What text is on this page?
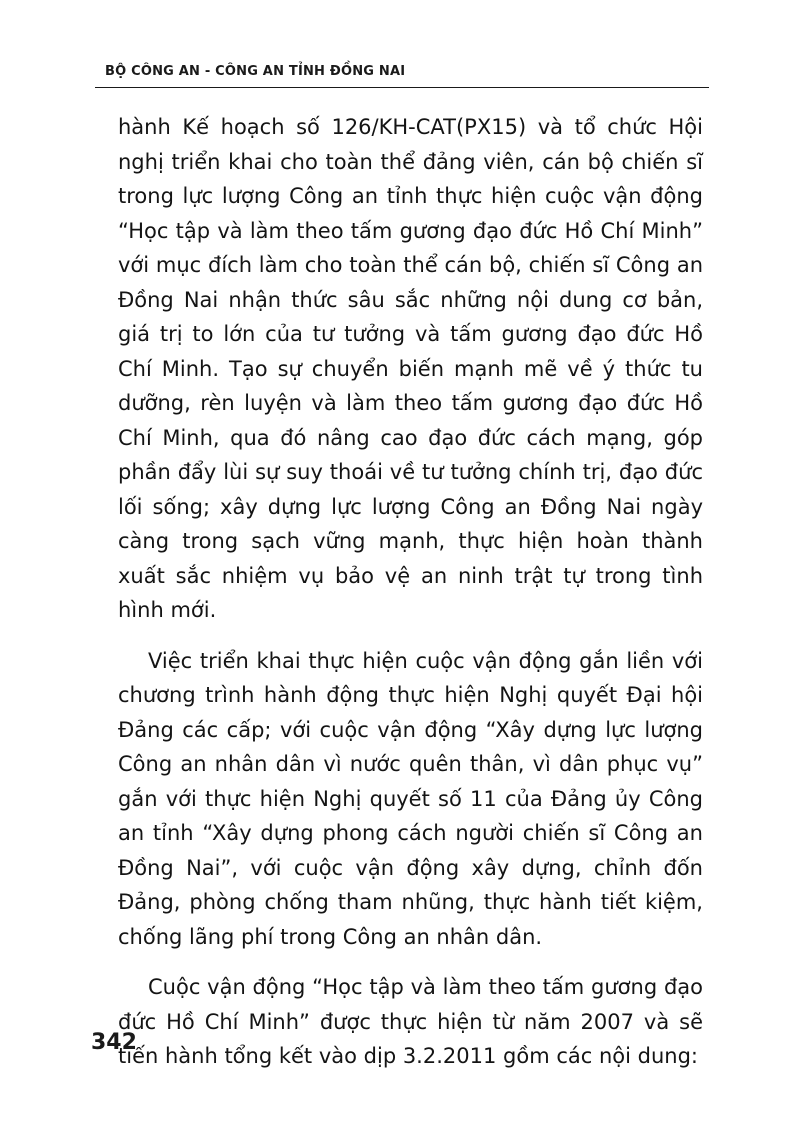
BỘ CÔNG AN - CÔNG AN TỈNH ĐỒNG NAI

hành Kế hoạch số 126/KH-CAT(PX15) và tổ chức Hội nghị triển khai cho toàn thể đảng viên, cán bộ chiến sĩ trong lực lượng Công an tỉnh thực hiện cuộc vận động “Học tập và làm theo tấm gương đạo đức Hồ Chí Minh” với mục đích làm cho toàn thể cán bộ, chiến sĩ Công an Đồng Nai nhận thức sâu sắc những nội dung cơ bản, giá trị to lớn của tư tưởng và tấm gương đạo đức Hồ Chí Minh. Tạo sự chuyển biến mạnh mẽ về ý thức tu dưỡng, rèn luyện và làm theo tấm gương đạo đức Hồ Chí Minh, qua đó nâng cao đạo đức cách mạng, góp phần đẩy lùi sự suy thoái về tư tưởng chính trị, đạo đức lối sống; xây dựng lực lượng Công an Đồng Nai ngày càng trong sạch vững mạnh, thực hiện hoàn thành xuất sắc nhiệm vụ bảo vệ an ninh trật tự trong tình hình mới.

Việc triển khai thực hiện cuộc vận động gắn liền với chương trình hành động thực hiện Nghị quyết Đại hội Đảng các cấp; với cuộc vận động “Xây dựng lực lượng Công an nhân dân vì nước quên thân, vì dân phục vụ” gắn với thực hiện Nghị quyết số 11 của Đảng ủy Công an tỉnh “Xây dựng phong cách người chiến sĩ Công an Đồng Nai”, với cuộc vận động xây dựng, chỉnh đốn Đảng, phòng chống tham nhũng, thực hành tiết kiệm, chống lãng phí trong Công an nhân dân.

Cuộc vận động “Học tập và làm theo tấm gương đạo đức Hồ Chí Minh” được thực hiện từ năm 2007 và sẽ tiến hành tổng kết vào dịp 3.2.2011 gồm các nội dung:

342
